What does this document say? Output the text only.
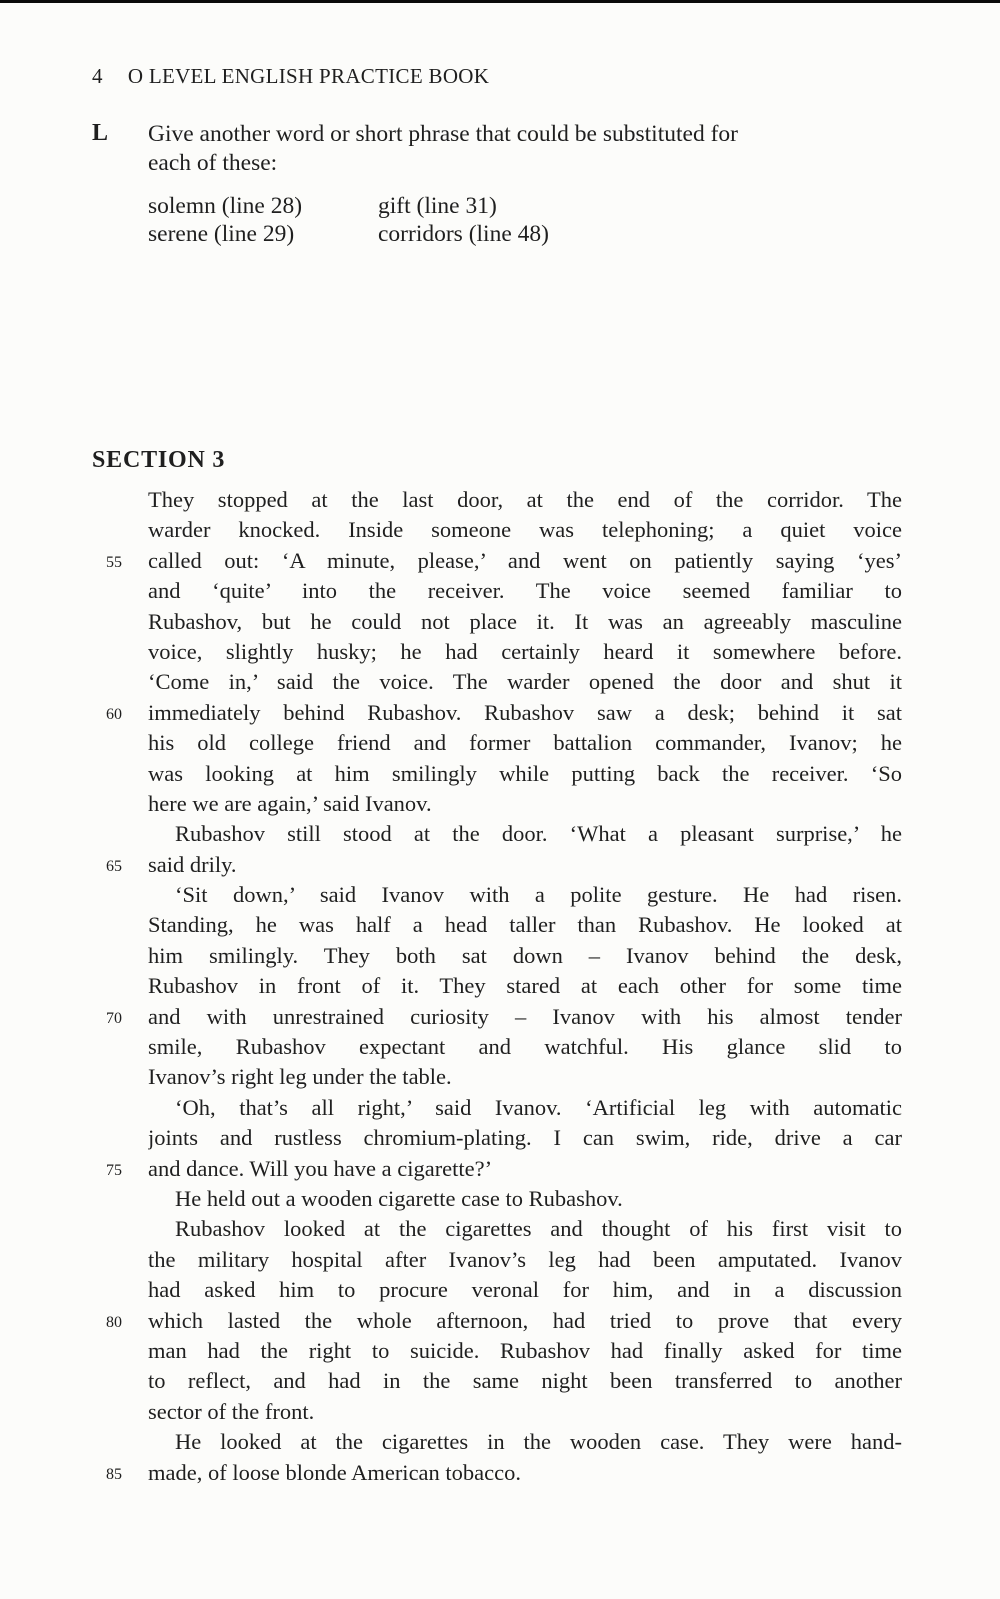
4 O LEVEL ENGLISH PRACTICE BOOK
L Give another word or short phrase that could be substituted for
each of these:
solemn (line 28)	gift (line 31)
serene (line 29)	corridors (line 48)
SECTION 3
They stopped at the last door, at the end of the corridor. The
warder knocked. Inside someone was telephoning; a quiet voice
55 called out: ‘A minute, please,’ and went on patiently saying ‘yes’
and ‘quite’ into the receiver. The voice seemed familiar to
Rubashov, but he could not place it. It was an agreeably masculine
voice, slightly husky; he had certainly heard it somewhere before.
‘Come in,’ said the voice. The warder opened the door and shut it
60 immediately behind Rubashov. Rubashov saw a desk; behind it sat
his old college friend and former battalion commander, Ivanov; he
was looking at him smilingly while putting back the receiver. ‘So
here we are again,’ said Ivanov.
Rubashov still stood at the door. ‘What a pleasant surprise,’ he
65 said drily.
‘Sit down,’ said Ivanov with a polite gesture. He had risen.
Standing, he was half a head taller than Rubashov. He looked at
him smilingly. They both sat down – Ivanov behind the desk,
Rubashov in front of it. They stared at each other for some time
70 and with unrestrained curiosity – Ivanov with his almost tender
smile, Rubashov expectant and watchful. His glance slid to
Ivanov’s right leg under the table.
‘Oh, that’s all right,’ said Ivanov. ‘Artificial leg with automatic
joints and rustless chromium-plating. I can swim, ride, drive a car
75 and dance. Will you have a cigarette?’
He held out a wooden cigarette case to Rubashov.
Rubashov looked at the cigarettes and thought of his first visit to
the military hospital after Ivanov’s leg had been amputated. Ivanov
had asked him to procure veronal for him, and in a discussion
80 which lasted the whole afternoon, had tried to prove that every
man had the right to suicide. Rubashov had finally asked for time
to reflect, and had in the same night been transferred to another
sector of the front.
He looked at the cigarettes in the wooden case. They were hand-
85 made, of loose blonde American tobacco.
